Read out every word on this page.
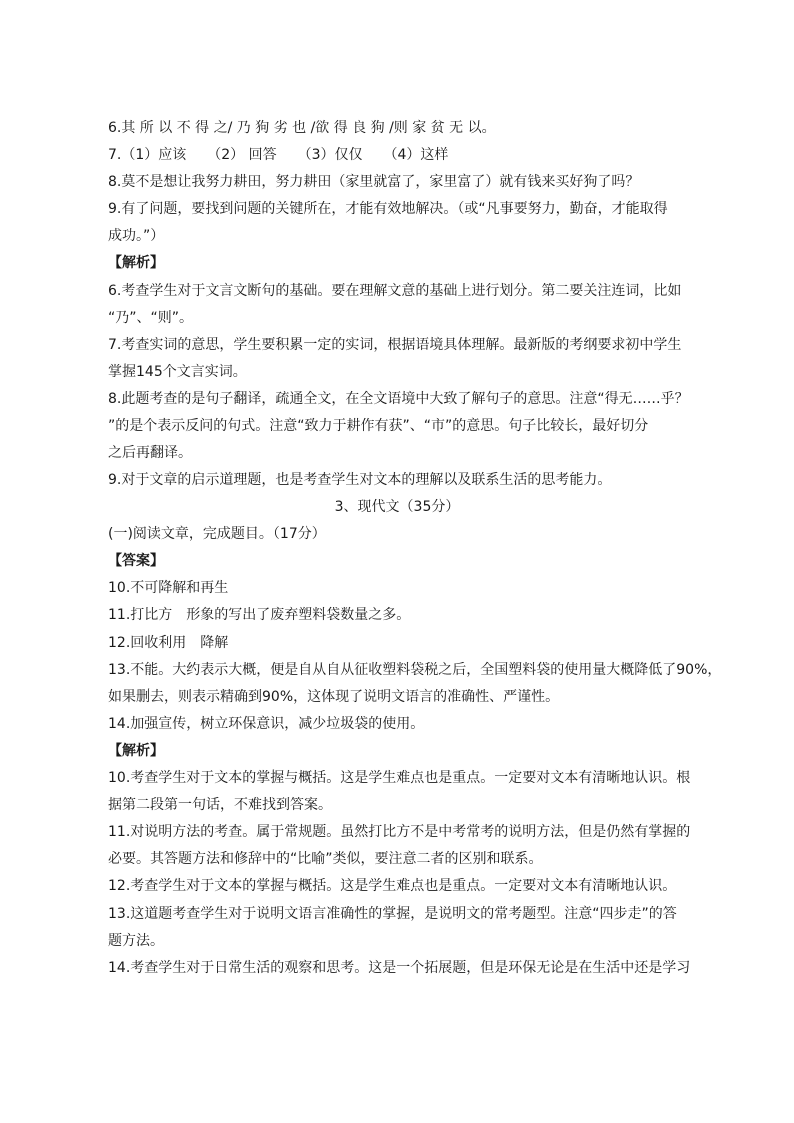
6.其 所 以 不 得 之/ 乃 狗 劣 也 /欲 得 良 狗 /则 家 贫 无 以。
7.（1）应该　　（2） 回答　　（3）仅仅　　（4）这样
8.莫不是想让我努力耕田，努力耕田（家里就富了，家里富了）就有钱来买好狗了吗？
9.有了问题，要找到问题的关键所在，才能有效地解决。（或“凡事要努力，勤奋，才能取得
成功。”）
【解析】
6.考查学生对于文言文断句的基础。要在理解文意的基础上进行划分。第二要关注连词，比如
“乃”、“则”。
7.考查实词的意思，学生要积累一定的实词，根据语境具体理解。最新版的考纲要求初中学生
掌握145个文言实词。
8.此题考查的是句子翻译，疏通全文，在全文语境中大致了解句子的意思。注意“得无……乎？
”的是个表示反问的句式。注意“致力于耕作有获”、“市”的意思。句子比较长，最好切分
之后再翻译。
9.对于文章的启示道理题，也是考查学生对文本的理解以及联系生活的思考能力。
3、现代文（35分）
(一)阅读文章，完成题目。（17分）
【答案】
10.不可降解和再生
11.打比方　形象的写出了废弃塑料袋数量之多。
12.回收利用　降解
13.不能。大约表示大概，便是自从自从征收塑料袋税之后，全国塑料袋的使用量大概降低了90%，
如果删去，则表示精确到90%，这体现了说明文语言的准确性、严谨性。
14.加强宣传，树立环保意识，减少垃圾袋的使用。
【解析】
10.考查学生对于文本的掌握与概括。这是学生难点也是重点。一定要对文本有清晰地认识。根
据第二段第一句话，不难找到答案。
11.对说明方法的考查。属于常规题。虽然打比方不是中考常考的说明方法，但是仍然有掌握的
必要。其答题方法和修辞中的“比喻”类似，要注意二者的区别和联系。
12.考查学生对于文本的掌握与概括。这是学生难点也是重点。一定要对文本有清晰地认识。
13.这道题考查学生对于说明文语言准确性的掌握，是说明文的常考题型。注意“四步走”的答
题方法。
14.考查学生对于日常生活的观察和思考。这是一个拓展题，但是环保无论是在生活中还是学习
